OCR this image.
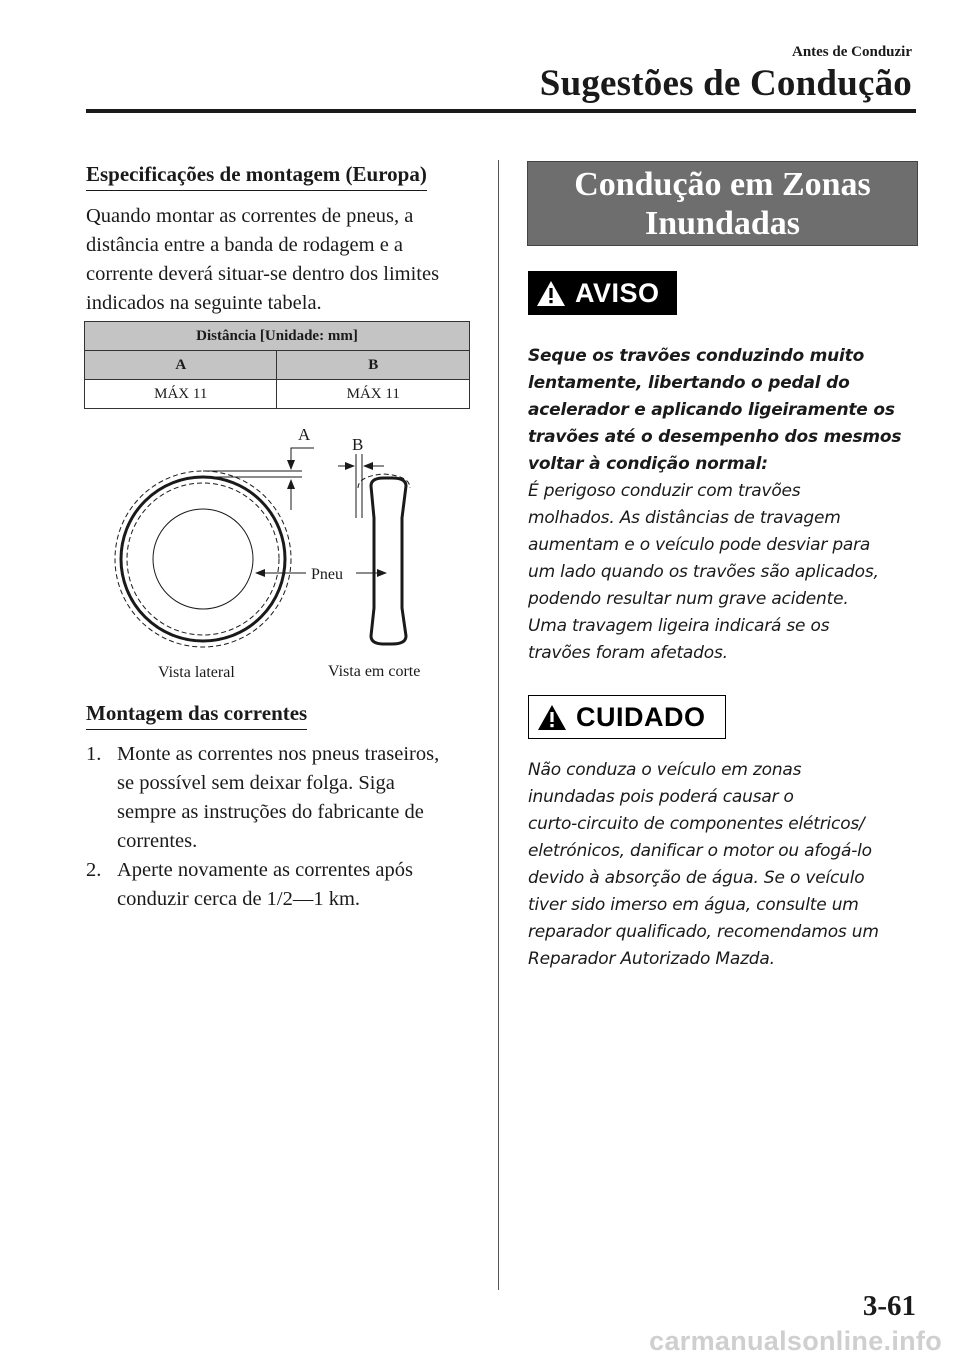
Antes de Conduzir
Sugestões de Condução
Especificações de montagem (Europa)

Quando montar as correntes de pneus, a

distância entre a banda de rodagem e a

corrente deverá situar-se dentro dos limites

indicados na seguinte tabela.

Distância [Unidade: mm]	
A	B
MÁX 11	MÁX 11
A
B
Pneu
Vista lateral	Vista em corte
Montagem das correntes
1. Monte as correntes nos pneus traseiros,
se possível sem deixar folga. Siga
sempre as instruções do fabricante de
correntes.
2. Aperte novamente as correntes após
conduzir cerca de 1/2―1 km.
Condução em Zonas
Inundadas
AVISO

Seque os travões conduzindo muito

lentamente, libertando o pedal do

acelerador e aplicando ligeiramente os

travões até o desempenho dos mesmos

voltar à condição normal:

É perigoso conduzir com travões

molhados. As distâncias de travagem

aumentam e o veículo pode desviar para

um lado quando os travões são aplicados,

podendo resultar num grave acidente.

Uma travagem ligeira indicará se os

travões foram afetados.

CUIDADO

Não conduza o veículo em zonas

inundadas pois poderá causar o

curto-circuito de componentes elétricos/

eletrónicos, danificar o motor ou afogá-lo

devido à absorção de água. Se o veículo

tiver sido imerso em água, consulte um

reparador qualificado, recomendamos um

Reparador Autorizado Mazda.

3-61
carmanualsonline.info
